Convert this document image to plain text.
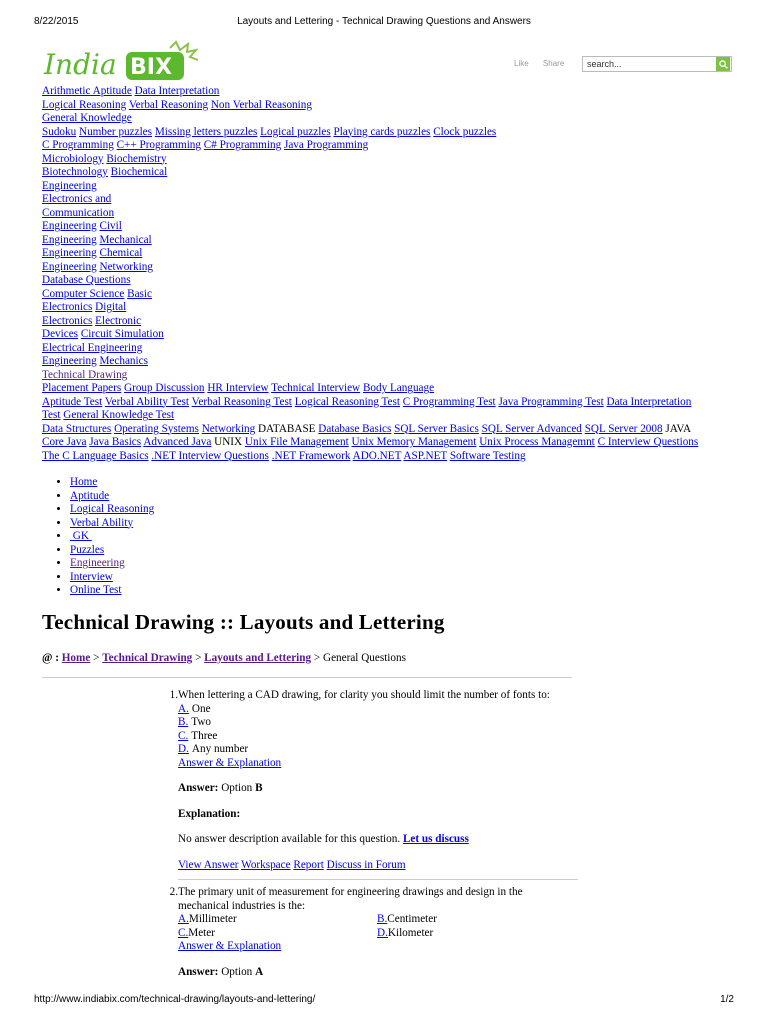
8/22/2015	Layouts and Lettering - Technical Drawing Questions and Answers
India BIX	Like Share
search...
Arithmetic Aptitude Data Interpretation
Logical Reasoning Verbal Reasoning Non Verbal Reasoning
General Knowledge
Sudoku Number puzzles Missing letters puzzles Logical puzzles Playing cards puzzles Clock puzzles
C Programming C++ Programming C# Programming Java Programming
Microbiology Biochemistry
Biotechnology Biochemical
Engineering
Electronics and
Communication
Engineering Civil
Engineering Mechanical
Engineering Chemical
Engineering Networking
Database Questions
Computer Science Basic
Electronics Digital
Electronics Electronic
Devices Circuit Simulation
Electrical Engineering
Engineering Mechanics
Technical Drawing
Placement Papers Group Discussion HR Interview Technical Interview Body Language
Aptitude Test Verbal Ability Test Verbal Reasoning Test Logical Reasoning Test C Programming Test Java Programming Test Data Interpretation
Test General Knowledge Test
Data Structures Operating Systems Networking DATABASE Database Basics SQL Server Basics SQL Server Advanced SQL Server 2008 JAVA
Core Java Java Basics Advanced Java UNIX Unix File Management Unix Memory Management Unix Process Managemnt C Interview Questions
The C Language Basics .NET Interview Questions .NET Framework ADO.NET ASP.NET Software Testing
• Home
• Aptitude
• Logical Reasoning
• Verbal Ability
•  GK
• Puzzles
• Engineering
• Interview
• Online Test
Technical Drawing :: Layouts and Lettering
@ : Home > Technical Drawing > Layouts and Lettering > General Questions
1. When lettering a CAD drawing, for clarity you should limit the number of fonts to:
A. One
B. Two
C. Three
D. Any number
Answer & Explanation
Answer: Option B
Explanation:
No answer description available for this question. Let us discuss
View Answer Workspace Report Discuss in Forum
2. The primary unit of measurement for engineering drawings and design in the mechanical industries is the:
A.Millimeter	B.Centimeter
C.Meter	D.Kilometer
Answer & Explanation
Answer: Option A
http://www.indiabix.com/technical-drawing/layouts-and-lettering/	1/2
